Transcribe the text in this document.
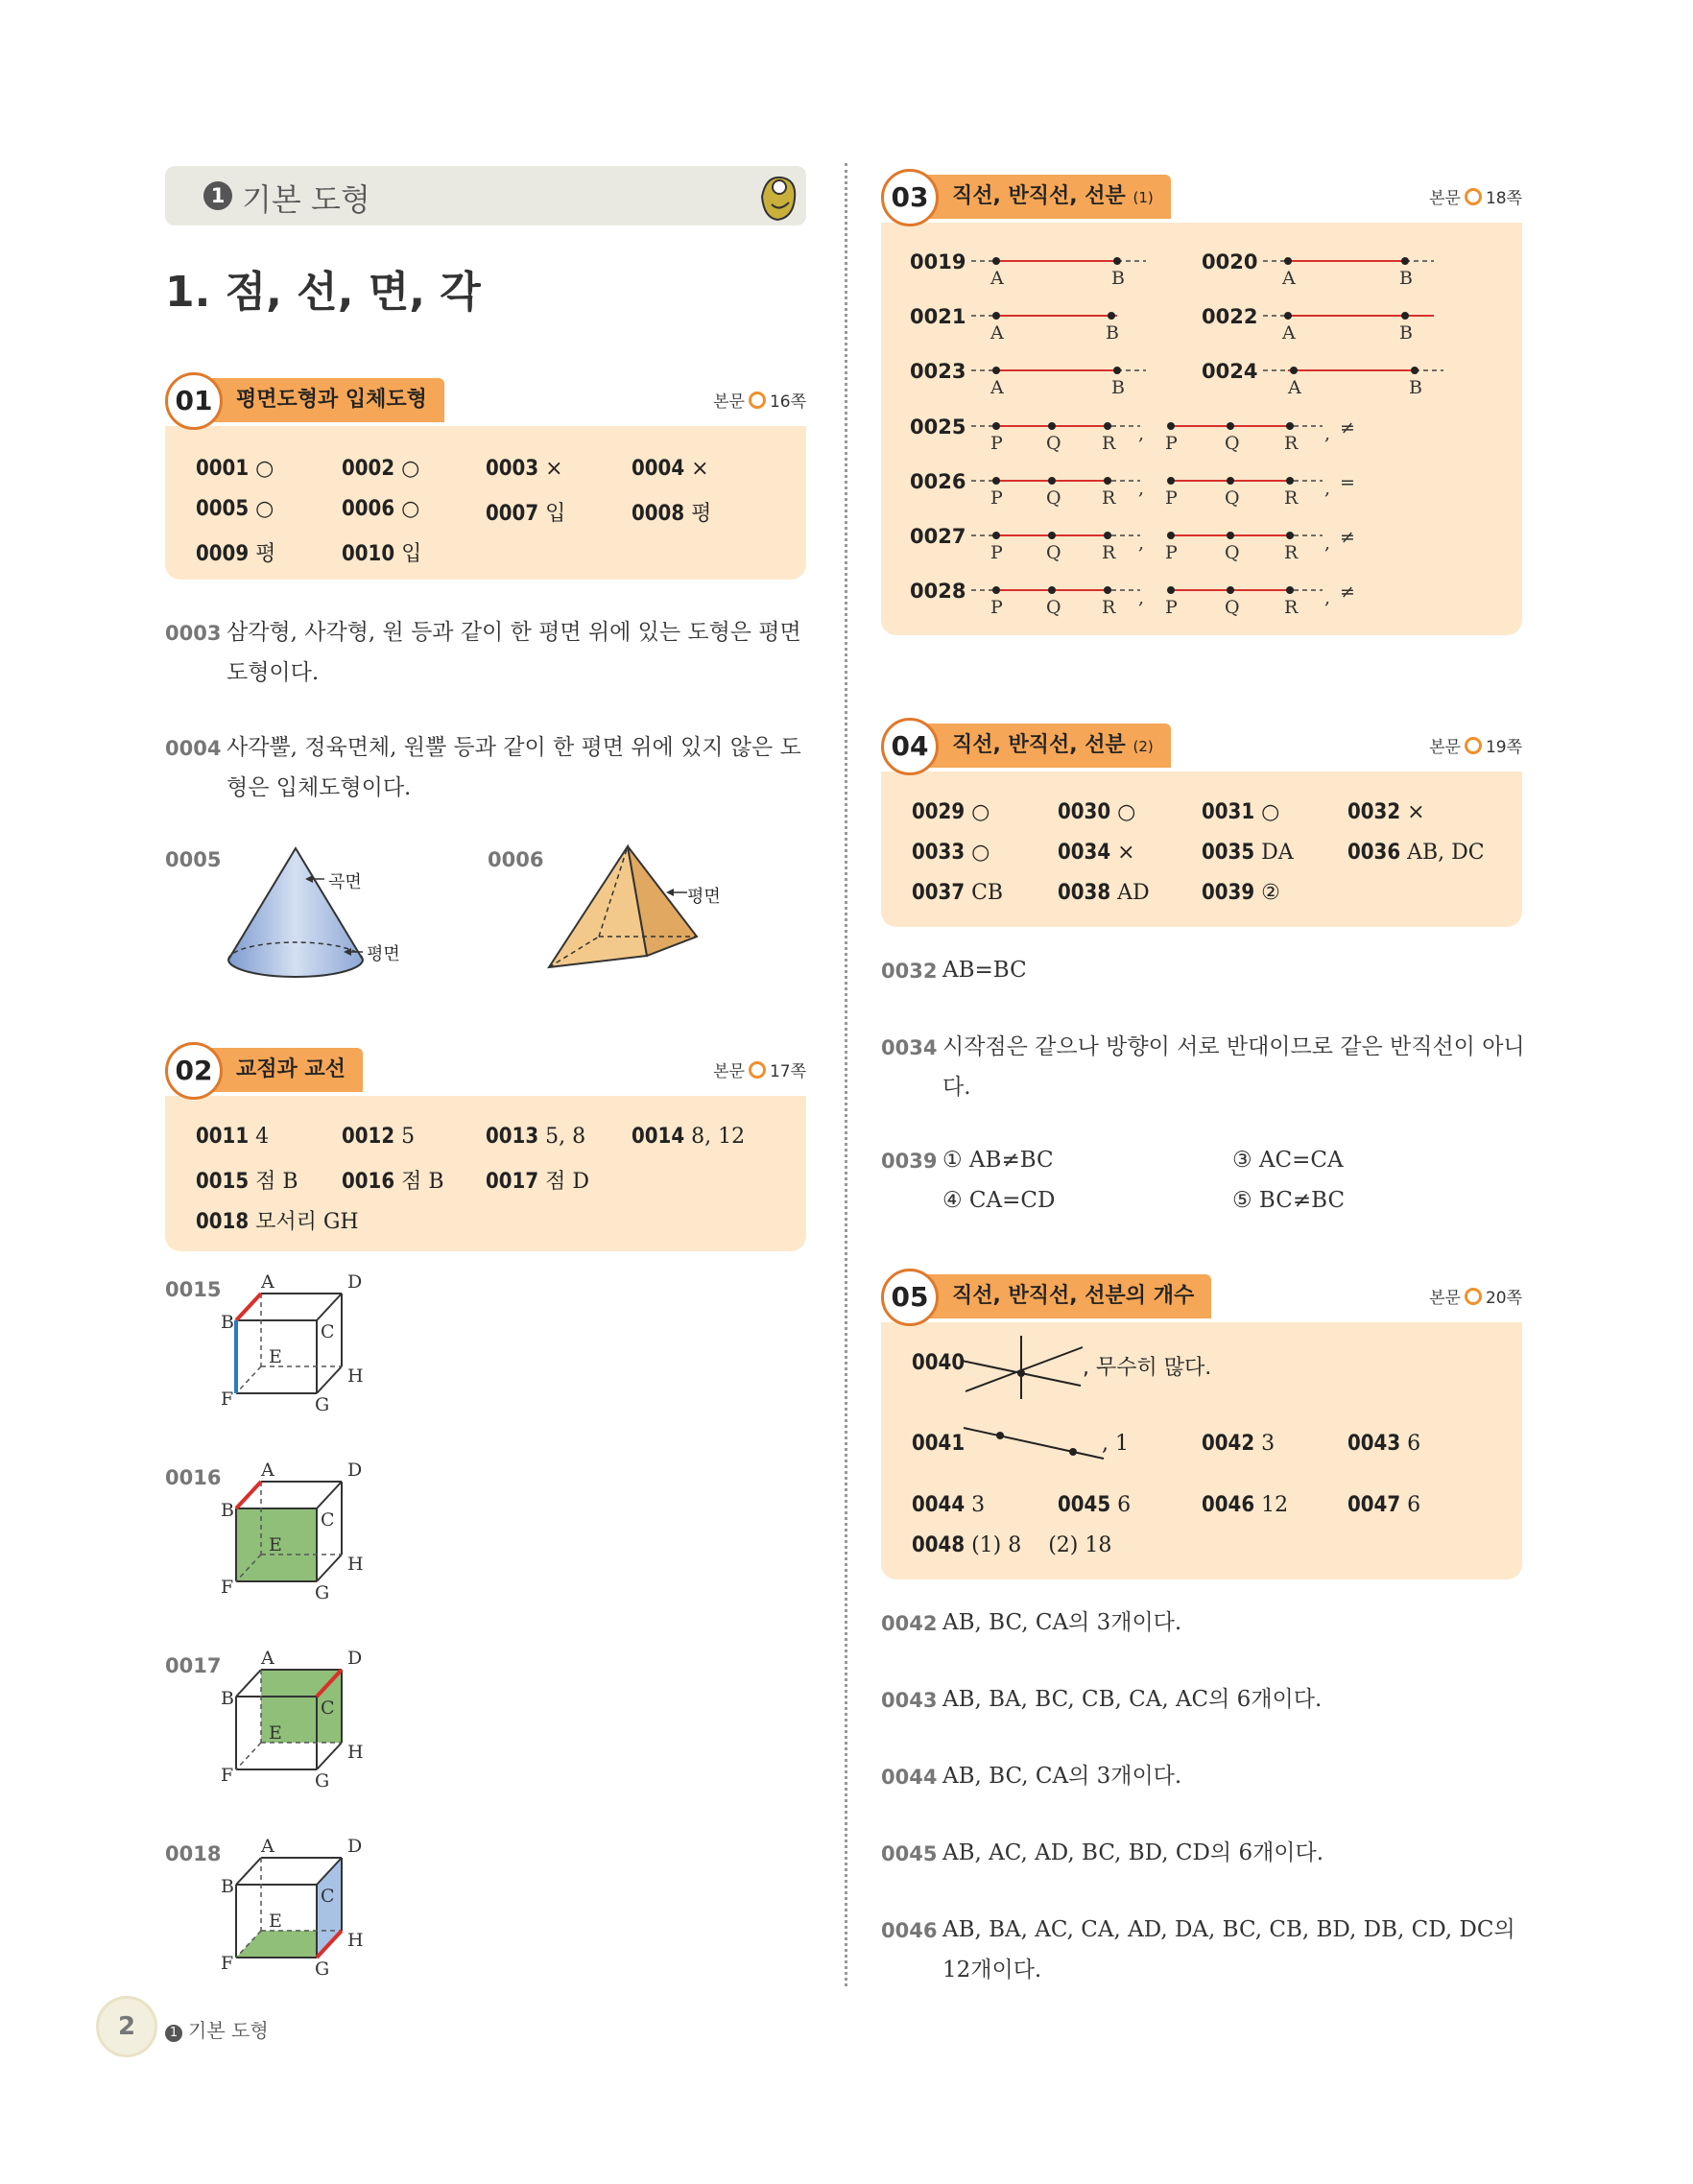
1 기본 도형
1. 점, 선, 면, 각
01	평면도형과 입체도형	본문 16쪽
0001 ○	0002 ○	0003 ×	0004 ×
0005 ○	0006 ○	0007 입	0008 평
0009 평	0010 입
0003 삼각형, 사각형, 원 등과 같이 한 평면 위에 있는 도형은 평면 도형이다.
0004 사각뿔, 정육면체, 원뿔 등과 같이 한 평면 위에 있지 않은 도형은 입체도형이다.
0005
곡면
평면
0006
평면
02	교점과 교선	본문 17쪽
0011 4	0012 5	0013 5, 8 0014 8, 12
0015 점 B 0016 점 B 0017 점 D
0018 모서리 GH
0015
0016
0017
0018
A	D
B	C
E
H
F	G
A	D
B	C
E
H
F	G
A	D
B	C
E
H
F	G
A	D
B	C
E
H
F	G
03	직선, 반직선, 선분 (1)	본문 18쪽
0019
A	B
0020
A	B
0021
A	B
0022
A	B
0023
A	B
0024
A	B
0025
P Q R , P	Q R , ≠
0026
P Q R , P	Q R , =
0027
P Q R , P	Q R , ≠
0028
P Q R , P	Q R , ≠
04	직선, 반직선, 선분 (2)	본문 19쪽
0029 ○	0030 ○	0031 ○	0032 ×
0033 ○	0034 ×	0035 DA	0036 AB, DC
0037 CB	0038 AD 0039 ②
0032 AB=BC
0034 시작점은 같으나 방향이 서로 반대이므로 같은 반직선이 아니다.
0039 ① AB≠BC	③ AC=CA
④ CA=CD	⑤ BC≠BC
05	직선, 반직선, 선분의 개수	본문 20쪽
0040	, 무수히 많다.
0041	, 1	0042 3	0043 6
0044 3	0045 6	0046 12	0047 6
0048 (1) 8    (2) 18
0042 AB, BC, CA의 3개이다.
0043 AB, BA, BC, CB, CA, AC의 6개이다.
0044 AB, BC, CA의 3개이다.
0045 AB, AC, AD, BC, BD, CD의 6개이다.
0046 AB, BA, AC, CA, AD, DA, BC, CB, BD, DB, CD, DC의 12개이다.
2	1 기본 도형
